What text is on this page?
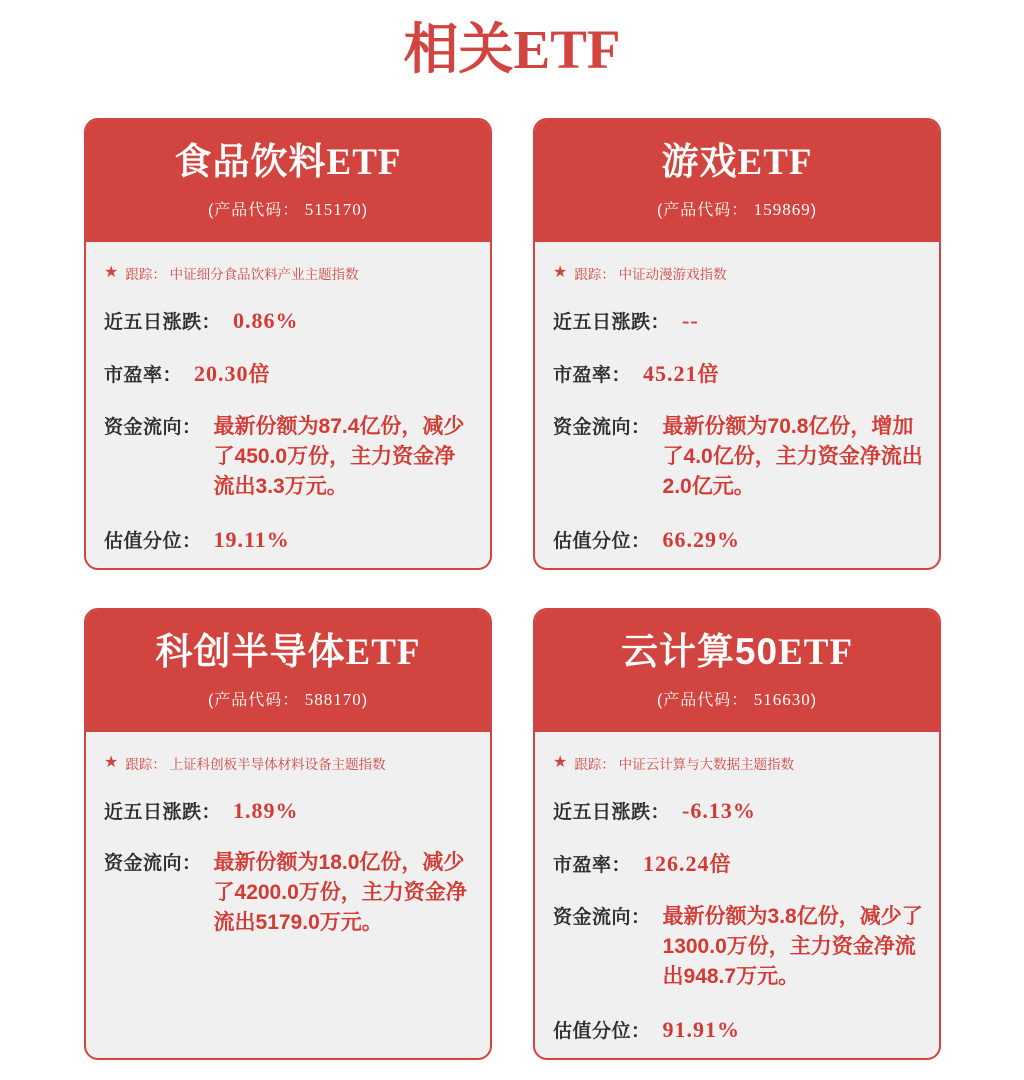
相关ETF
食品饮料ETF
(产品代码： 515170)
★ 跟踪：
中证细分食品饮料产业主题指数
近五日涨跌： 0.86%
市盈率： 20.30倍
资金流向： 最新份额为87.4亿份，减少了450.0万份，主力资金净流出3.3万元。
估值分位： 19.11%
游戏ETF
(产品代码： 159869)
★ 跟踪：
中证动漫游戏指数
近五日涨跌： --
市盈率： 45.21倍
资金流向： 最新份额为70.8亿份，增加了4.0亿份，主力资金净流出2.0亿元。
估值分位： 66.29%
科创半导体ETF
(产品代码： 588170)
★ 跟踪：
上证科创板半导体材料设备主题指数
近五日涨跌： 1.89%
资金流向： 最新份额为18.0亿份，减少了4200.0万份，主力资金净流出5179.0万元。
云计算50ETF
(产品代码： 516630)
★ 跟踪：
中证云计算与大数据主题指数
近五日涨跌： -6.13%
市盈率： 126.24倍
资金流向： 最新份额为3.8亿份，减少了1300.0万份，主力资金净流出948.7万元。
估值分位： 91.91%
